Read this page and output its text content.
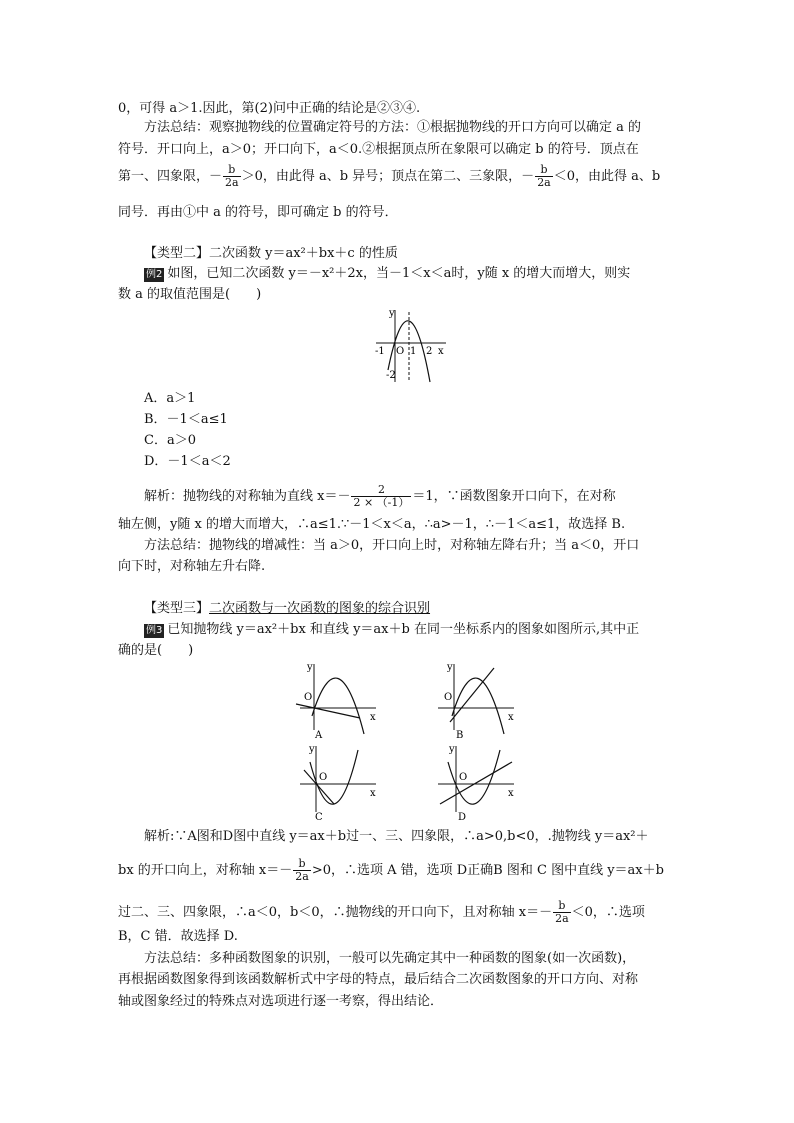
0，可得 a＞1.因此，第(2)问中正确的结论是②③④.
方法总结：观察抛物线的位置确定符号的方法：①根据抛物线的开口方向可以确定 a 的
符号．开口向上，a＞0；开口向下，a＜0.②根据顶点所在象限可以确定 b 的符号．顶点在
第一、四象限，－ $\frac{b}{2a} >0$，由此得 a、b 异号；顶点在第二、三象限，－ $\frac{b}{2a} <0$，由此得 a、b
同号．再由①中 a 的符号，即可确定 b 的符号．
【类型二】二次函数 y＝ax²＋bx＋c 的性质
例2 如图，已知二次函数 y＝－x²＋2x，当－1＜x＜a时，y随 x 的增大而增大，则实
数 a 的取值范围是(　　)
y
O
-1	1 2 x
-2
A．a＞1
B．－1＜a≤1
C．a＞0
D．－1＜a＜2
解析：抛物线的对称轴为直线 $x=- \frac{2}{2 \times (-1)} =1$，∵函数图象开口向下，在对称
轴左侧，y随 x 的增大而增大，∴a≤1.∵－1＜x＜a，∴a>－1，∴－1＜a≤1，故选择 B.
方法总结：抛物线的增减性：当 a＞0，开口向上时，对称轴左降右升；当 a＜0，开口
向下时，对称轴左升右降.
【类型三】二次函数与一次函数的图象的综合识别
例3 已知抛物线 y＝ax²＋bx 和直线 y＝ax＋b 在同一坐标系内的图象如图所示,其中正
确的是(　　)
y
O
x
A
y
O
x
B
y
O
x
C
y
O
x
D
解析:∵A图和D图中直线 y＝ax＋b过一、三、四象限，∴a>0,b<0，.抛物线 y＝ax²＋
bx 的开口向上，对称轴 $x=- \frac{b}{2a} >0$，∴选项 A 错，选项 D正确B 图和 C 图中直线 y＝ax＋b
过二、三、四象限，∴a＜0，b＜0，∴抛物线的开口向下，且对称轴 $x=- \frac{b}{2a} <0$，∴选项
B，C 错．故选择 D.
方法总结：多种函数图象的识别，一般可以先确定其中一种函数的图象(如一次函数)，
再根据函数图象得到该函数解析式中字母的特点，最后结合二次函数图象的开口方向、对称
轴或图象经过的特殊点对选项进行逐一考察，得出结论．
